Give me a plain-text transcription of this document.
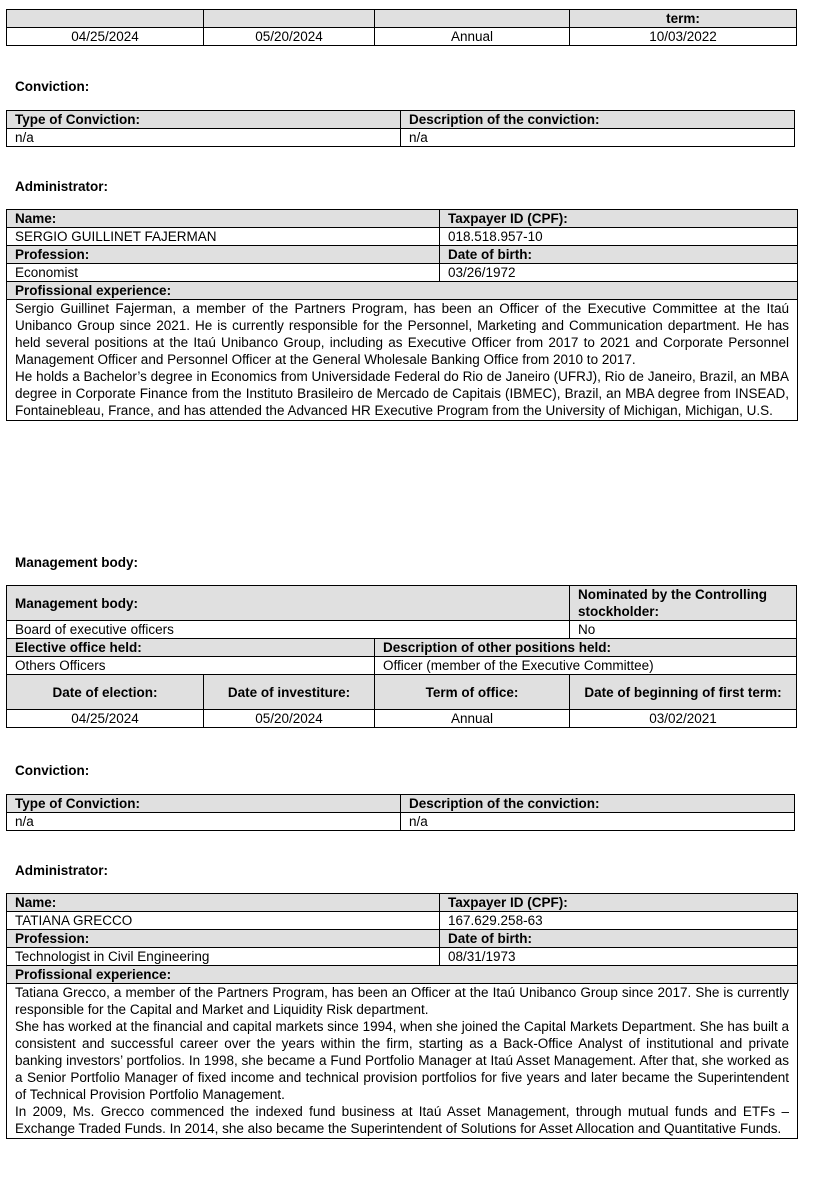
			term:
04/25/2024	05/20/2024	Annual	10/03/2022
Conviction:
Type of Conviction:	Description of the conviction:
n/a	n/a
Administrator:
Name:	Taxpayer ID (CPF):
SERGIO GUILLINET FAJERMAN	018.518.957-10
Profession:	Date of birth:
Economist	03/26/1972
Profissional experience:	

Sergio Guillinet Fajerman, a member of the Partners Program, has been an Officer of the Executive Committee at the Itaú Unibanco Group since 2021. He is currently responsible for the Personnel, Marketing and Communication department. He has held several positions at the Itaú Unibanco Group, including as Executive Officer from 2017 to 2021 and Corporate Personnel Management Officer and Personnel Officer at the General Wholesale Banking Office from 2010 to 2017.

He holds a Bachelor’s degree in Economics from Universidade Federal do Rio de Janeiro (UFRJ), Rio de Janeiro, Brazil, an MBA degree in Corporate Finance from the Instituto Brasileiro de Mercado de Capitais (IBMEC), Brazil, an MBA degree from INSEAD, Fontainebleau, France, and has attended the Advanced HR Executive Program from the University of Michigan, Michigan, U.S.	

Management body:
Management body:			Nominated by the Controlling stockholder:
Board of executive officers			No
Elective office held:		Description of other positions held:	
Others Officers		Officer (member of the Executive Committee)	
Date of election:	Date of investiture:	Term of office:	Date of beginning of first term:
04/25/2024	05/20/2024	Annual	03/02/2021
Conviction:
Type of Conviction:	Description of the conviction:
n/a	n/a
Administrator:
Name:	Taxpayer ID (CPF):
TATIANA GRECCO	167.629.258-63
Profession:	Date of birth:
Technologist in Civil Engineering	08/31/1973
Profissional experience:	

Tatiana Grecco, a member of the Partners Program, has been an Officer at the Itaú Unibanco Group since 2017. She is currently responsible for the Capital and Market and Liquidity Risk department.

She has worked at the financial and capital markets since 1994, when she joined the Capital Markets Department. She has built a consistent and successful career over the years within the firm, starting as a Back-Office Analyst of institutional and private banking investors’ portfolios. In 1998, she became a Fund Portfolio Manager at Itaú Asset Management. After that, she worked as a Senior Portfolio Manager of fixed income and technical provision portfolios for five years and later became the Superintendent of Technical Provision Portfolio Management.

In 2009, Ms. Grecco commenced the indexed fund business at Itaú Asset Management, through mutual funds and ETFs – Exchange Traded Funds. In 2014, she also became the Superintendent of Solutions for Asset Allocation and Quantitative Funds.	
